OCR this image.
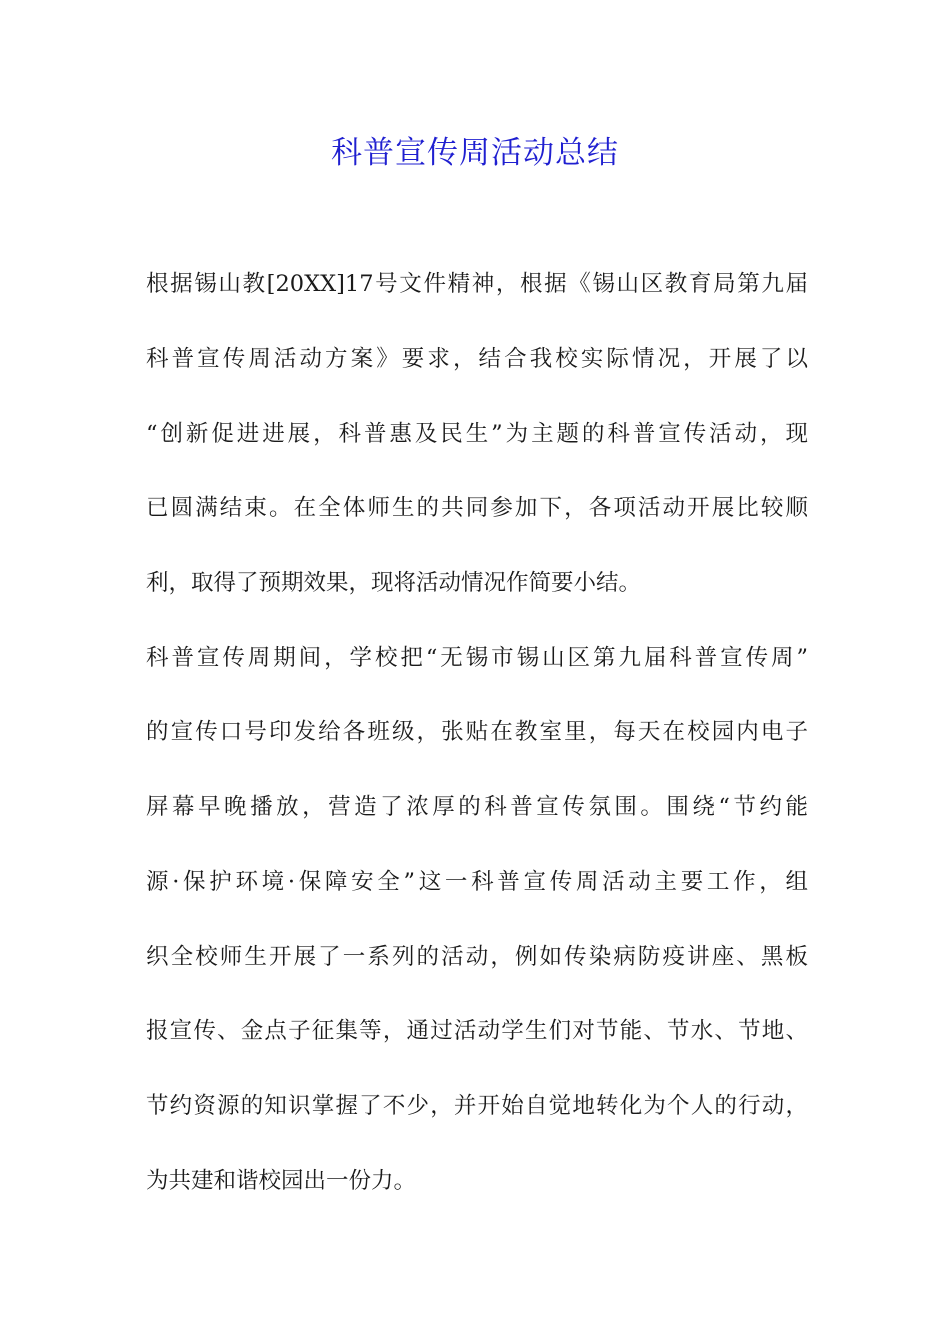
科普宣传周活动总结

根据锡山教[20XX]17号文件精神，根据《锡山区教育局第九届

科普宣传周活动方案》要求，结合我校实际情况，开展了以

“创新促进进展，科普惠及民生”为主题的科普宣传活动，现

已圆满结束。在全体师生的共同参加下，各项活动开展比较顺

利，取得了预期效果，现将活动情况作简要小结。

科普宣传周期间，学校把“无锡市锡山区第九届科普宣传周”

的宣传口号印发给各班级，张贴在教室里，每天在校园内电子

屏幕早晚播放，营造了浓厚的科普宣传氛围。围绕“节约能

源·保护环境·保障安全”这一科普宣传周活动主要工作，组

织全校师生开展了一系列的活动，例如传染病防疫讲座、黑板

报宣传、金点子征集等，通过活动学生们对节能、节水、节地、

节约资源的知识掌握了不少，并开始自觉地转化为个人的行动，

为共建和谐校园出一份力。
